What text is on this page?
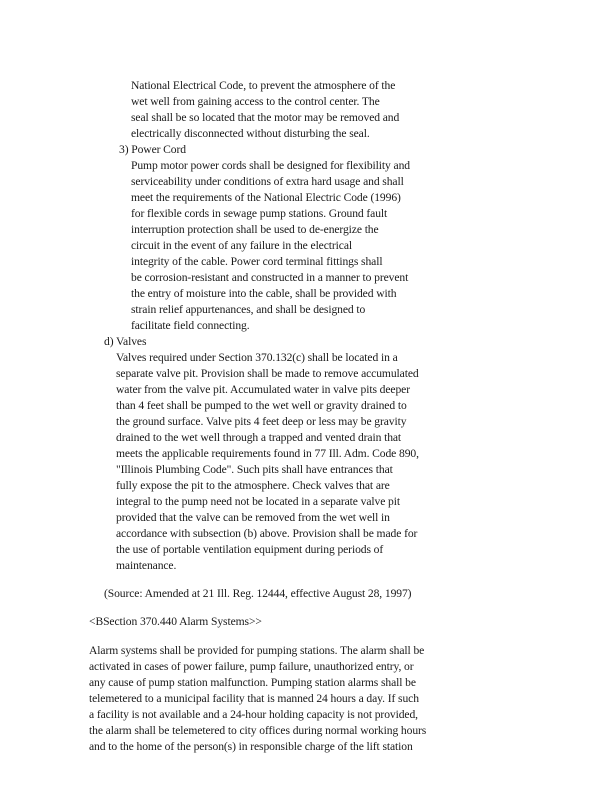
National Electrical Code, to prevent the atmosphere of the
wet well from gaining access to the control center. The
seal shall be so located that the motor may be removed and
electrically disconnected without disturbing the seal.
3) Power Cord
Pump motor power cords shall be designed for flexibility and
serviceability under conditions of extra hard usage and shall
meet the requirements of the National Electric Code (1996)
for flexible cords in sewage pump stations. Ground fault
interruption protection shall be used to de-energize the
circuit in the event of any failure in the electrical
integrity of the cable. Power cord terminal fittings shall
be corrosion-resistant and constructed in a manner to prevent
the entry of moisture into the cable, shall be provided with
strain relief appurtenances, and shall be designed to
facilitate field connecting.
d) Valves
Valves required under Section 370.132(c) shall be located in a
separate valve pit. Provision shall be made to remove accumulated
water from the valve pit. Accumulated water in valve pits deeper
than 4 feet shall be pumped to the wet well or gravity drained to
the ground surface. Valve pits 4 feet deep or less may be gravity
drained to the wet well through a trapped and vented drain that
meets the applicable requirements found in 77 Ill. Adm. Code 890,
"Illinois Plumbing Code". Such pits shall have entrances that
fully expose the pit to the atmosphere. Check valves that are
integral to the pump need not be located in a separate valve pit
provided that the valve can be removed from the wet well in
accordance with subsection (b) above. Provision shall be made for
the use of portable ventilation equipment during periods of
maintenance.
(Source: Amended at 21 Ill. Reg. 12444, effective August 28, 1997)
<BSection 370.440 Alarm Systems>>
Alarm systems shall be provided for pumping stations. The alarm shall be
activated in cases of power failure, pump failure, unauthorized entry, or
any cause of pump station malfunction. Pumping station alarms shall be
telemetered to a municipal facility that is manned 24 hours a day. If such
a facility is not available and a 24-hour holding capacity is not provided,
the alarm shall be telemetered to city offices during normal working hours
and to the home of the person(s) in responsible charge of the lift station
